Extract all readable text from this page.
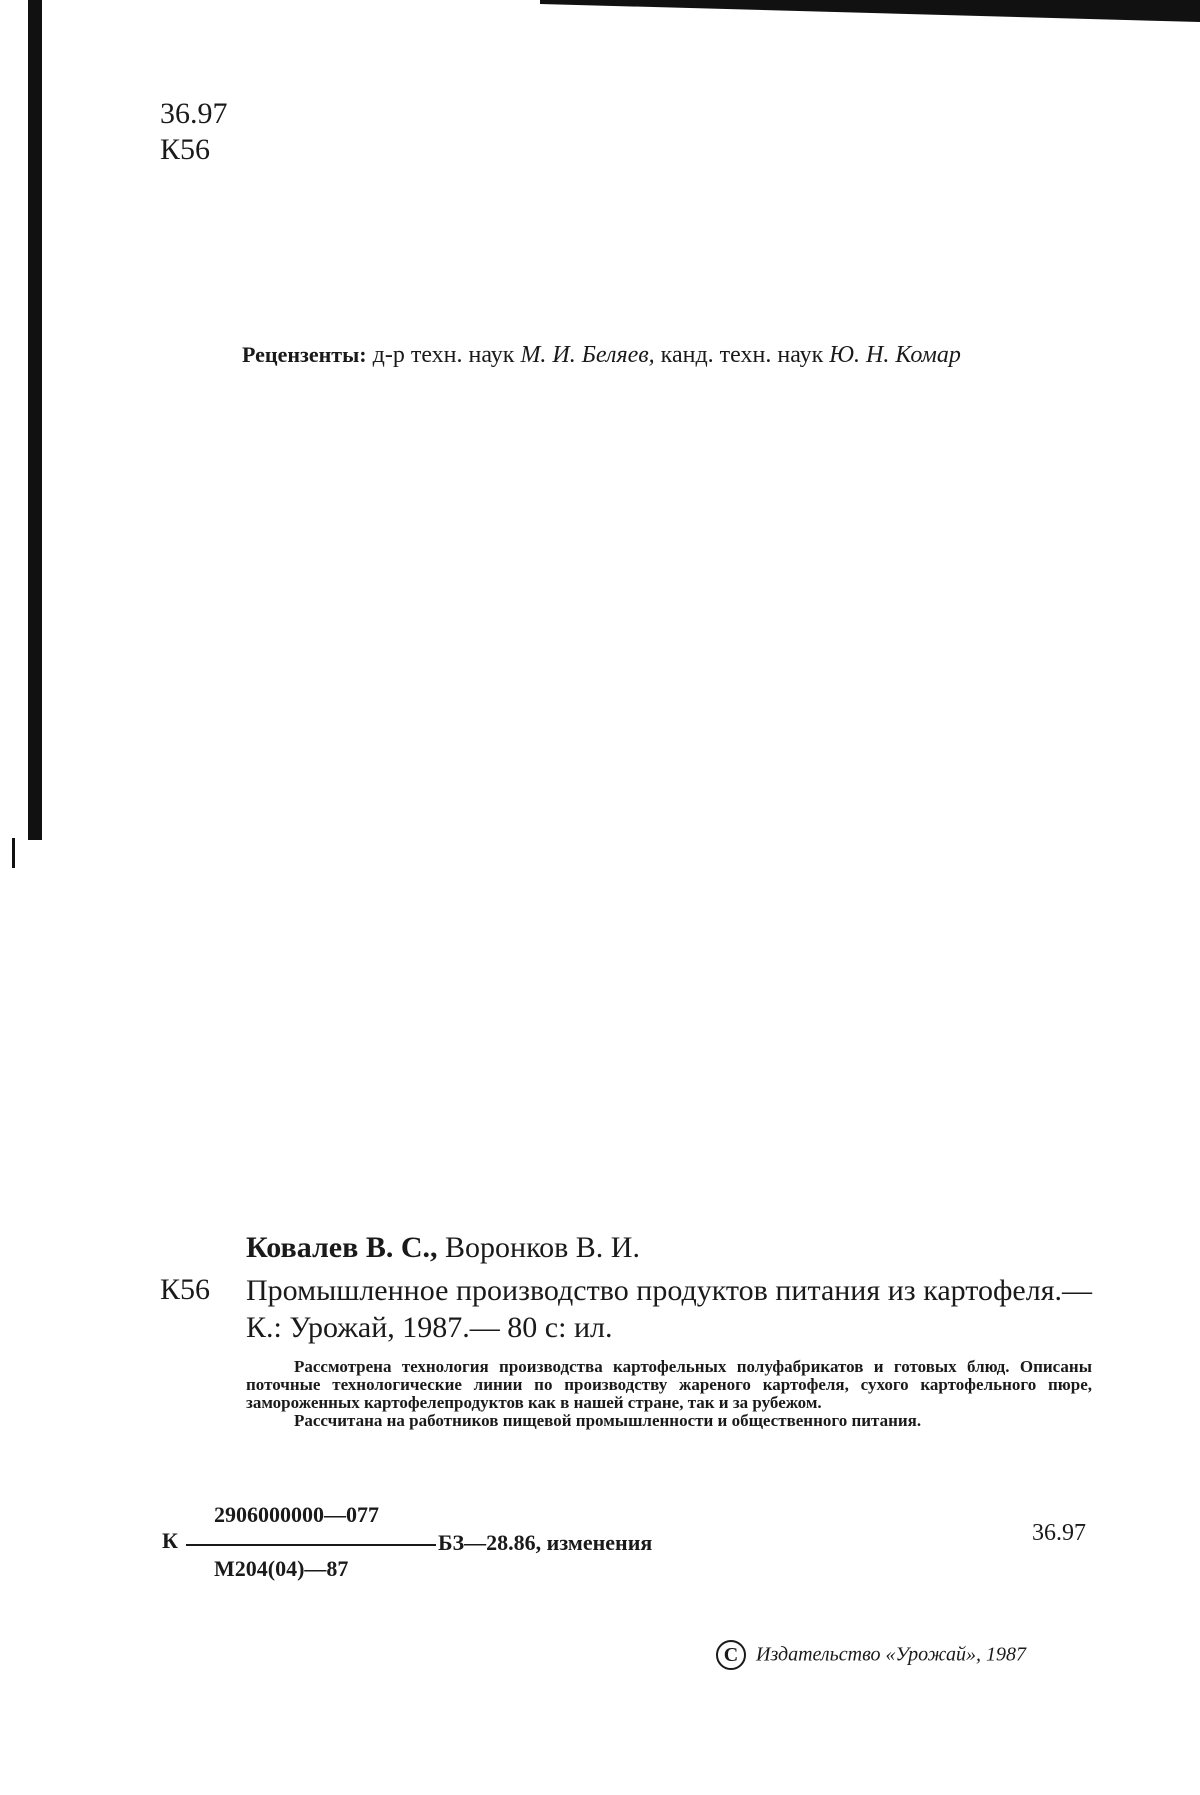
36.97
К56
Рецензенты: д-р техн. наук М. И. Беляев, канд. техн. наук Ю. Н. Комар
Ковалев В. С., Воронков В. И.
К56 Промышленное производство продуктов питания из картофеля.— К.: Урожай, 1987.— 80 с: ил.

Рассмотрена технология производства картофельных полуфабрикатов и готовых блюд. Описаны поточные технологические линии по производству жареного картофеля, сухого картофельного пюре, замороженных картофелепродуктов как в нашей стране, так и за рубежом.

Рассчитана на работников пищевой промышленности и общественного питания.

К
2906000000—077
М204(04)—87
БЗ—28.86, изменения	36.97
С Издательство «Урожай», 1987
